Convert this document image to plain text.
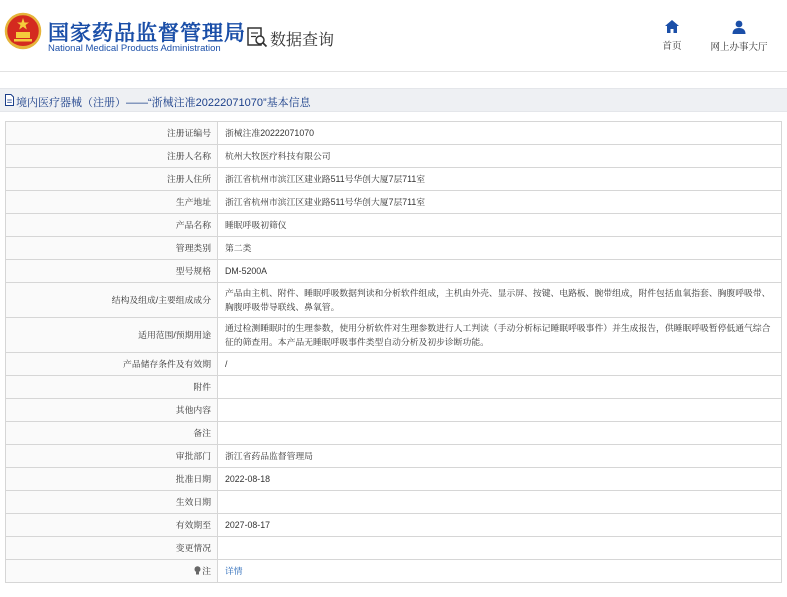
国家药品监督管理局
National Medical Products Administration	数据查询	首页	网上办事大厅
境内医疗器械（注册）——“浙械注准20222071070”基本信息
注册证编号	浙械注准20222071070
注册人名称	杭州大牧医疗科技有限公司
注册人住所	浙江省杭州市滨江区建业路511号华创大厦7层711室
生产地址	浙江省杭州市滨江区建业路511号华创大厦7层711室
产品名称	睡眠呼吸初筛仪
管理类别	第二类
型号规格	DM-5200A
结构及组成/主要组成成分	产品由主机、附件、睡眠呼吸数据判读和分析软件组成，主机由外壳、显示屏、按键、电路板、腕带组成，附件包括血氧指套、胸腹呼吸带、胸腹呼吸带导联线、鼻氧管。
适用范围/预期用途	通过检测睡眠时的生理参数，使用分析软件对生理参数进行人工判读（手动分析标记睡眠呼吸事件）并生成报告，供睡眠呼吸暂停低通气综合征的筛查用。本产品无睡眠呼吸事件类型自动分析及初步诊断功能。
产品储存条件及有效期	/
附件	
其他内容	
备注	
审批部门	浙江省药品监督管理局
批准日期	2022-08-18
生效日期	
有效期至	2027-08-17
变更情况	
注	详情
